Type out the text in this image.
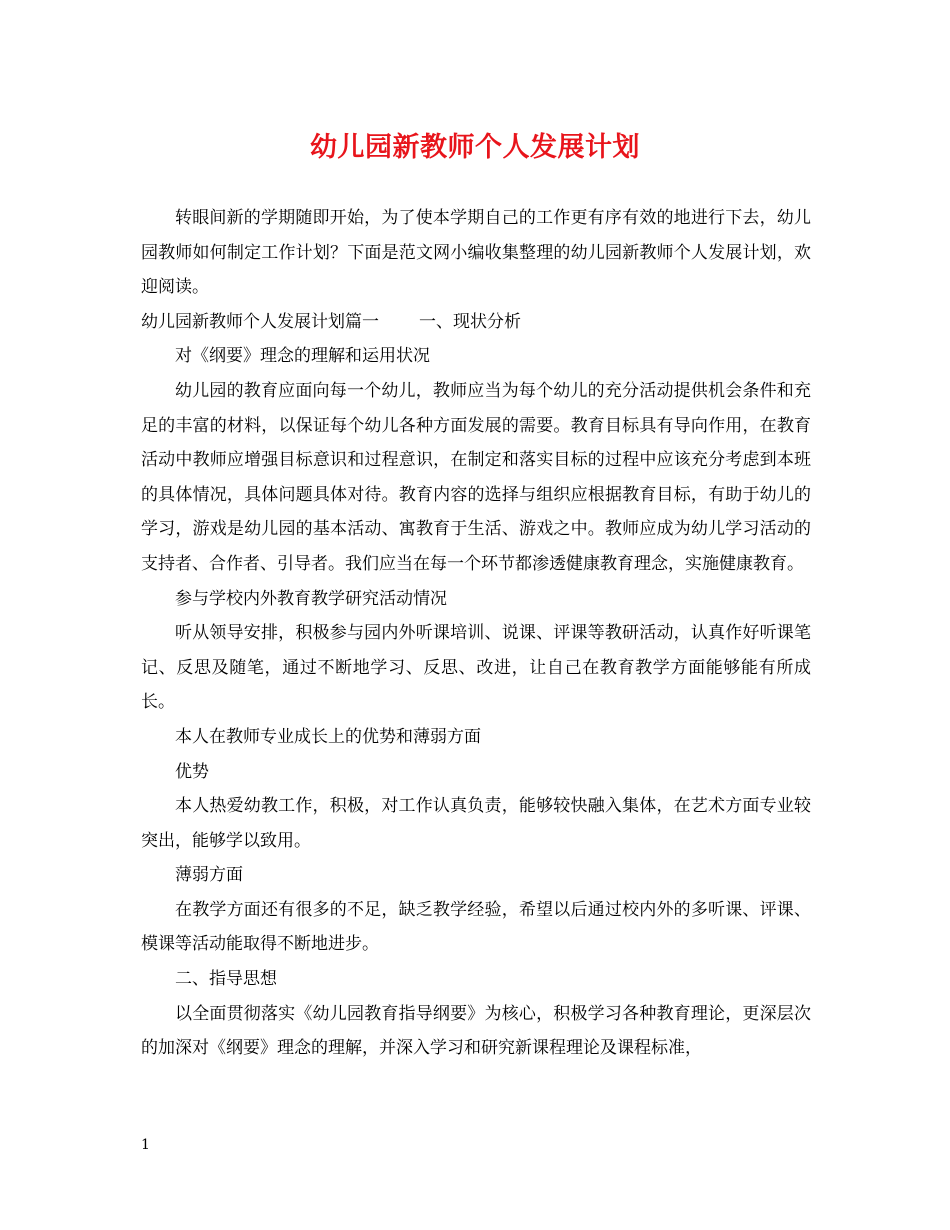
幼儿园新教师个人发展计划

转眼间新的学期随即开始，为了使本学期自己的工作更有序有效的地进行下去，幼儿园教师如何制定工作计划？下面是范文网小编收集整理的幼儿园新教师个人发展计划，欢迎阅读。

幼儿园新教师个人发展计划篇一 一、现状分析

对《纲要》理念的理解和运用状况

幼儿园的教育应面向每一个幼儿，教师应当为每个幼儿的充分活动提供机会条件和充足的丰富的材料，以保证每个幼儿各种方面发展的需要。教育目标具有导向作用，在教育活动中教师应增强目标意识和过程意识，在制定和落实目标的过程中应该充分考虑到本班的具体情况，具体问题具体对待。教育内容的选择与组织应根据教育目标，有助于幼儿的学习，游戏是幼儿园的基本活动、寓教育于生活、游戏之中。教师应成为幼儿学习活动的支持者、合作者、引导者。我们应当在每一个环节都渗透健康教育理念，实施健康教育。

参与学校内外教育教学研究活动情况

听从领导安排，积极参与园内外听课培训、说课、评课等教研活动，认真作好听课笔记、反思及随笔，通过不断地学习、反思、改进，让自己在教育教学方面能够能有所成长。

本人在教师专业成长上的优势和薄弱方面

优势

本人热爱幼教工作，积极，对工作认真负责，能够较快融入集体，在艺术方面专业较突出，能够学以致用。

薄弱方面

在教学方面还有很多的不足，缺乏教学经验，希望以后通过校内外的多听课、评课、模课等活动能取得不断地进步。

二、指导思想

以全面贯彻落实《幼儿园教育指导纲要》为核心，积极学习各种教育理论，更深层次的加深对《纲要》理念的理解，并深入学习和研究新课程理论及课程标准，

1
